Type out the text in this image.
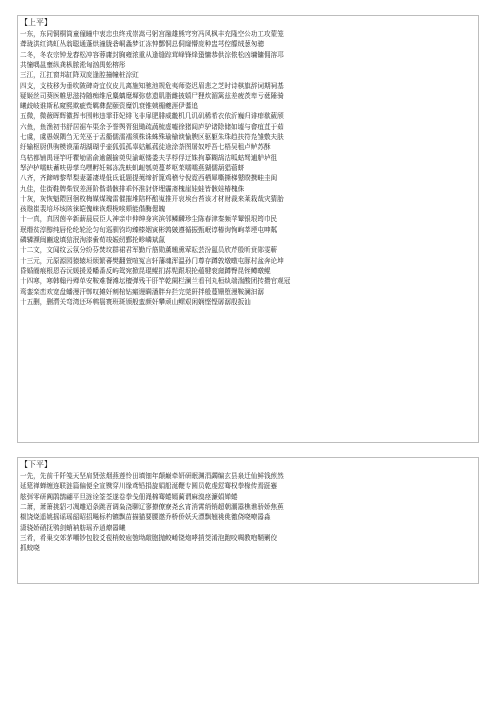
【上平】
一东，东同铜桐筒童僮瞳中衷忠虫终戎崇嵩弓躬宫融雄熊穹穷冯风枫丰充隆空公功工攻蒙笼
聋珑洪红鸿虹丛翁聪通蓬烘潼胧砻峒螽梦讧冻忡酆恫总侗窿懵庞种盅芎倥艨绒葱匆骢
二冬，冬农宗钟龙舂松冲容蓉庸封胸雍浓重从逢缝踪茸峰锋烽蛩慵恭供淙侬松凶墉镛佣溶邛
共憧喁邕壅纵龚枞脓淞匈汹禺蚣榕彤
三江，江扛窗邦缸降双庞逢腔撞幢桩淙豇
四支，支枝移为垂吹陂碑奇宜仪皮儿离施知驰池规危夷师姿迟眉悲之芝时诗棋旗辞词期祠基
疑姬丝司葵医帷思滋持随痴维卮麋螭麾墀弥慈遗肌脂雌披嬉尸狸炊湄篱兹差疲茨卑亏蕤陲骑
曦歧岐谁斯私窥熙欺疵赀羁彝髭颐资糜饥衰锥姨楣夔涯伊蓍追
五微，微薇晖辉徽挥韦围帏违霏菲妃绯飞非扉肥腓威畿机几讥矶稀希衣依沂巍归诽痱欷葳颀
六鱼，鱼渔初书舒居裾车渠余予誉舆胥狙锄疏蔬梳虚嘘徐猪闾庐驴诸除储如墟与畲疽苴于茹
七虞，虞愚娱隅刍无芜巫于盂衢儒濡襦须株诛蛛殊瑜榆谀愉腴区驱躯朱珠趋扶符凫雏敷夫肤
纡输枢厨俱驹模谟蒲胡湖瑚乎壶狐弧孤辜姑觚菰徒途涂荼图屠奴呼吾七梧吴租卢鲈苏酥
乌枯都铺禺诬竽吁瞿劬需俞逾觎揄萸臾渝岖镂娄夫孚桴俘迂姝拘摹糊鸪沽呱蛄驽逋舻垆徂
孥泸栌嚅蚨蓄呋毋孳乌嘿孵妊邾冻冼蚨虮衄瓠萸蔓芗呕茱嚅嚅燕猢儒葫猖蓿蛴
八齐，齐蹄啼黎犁梨妻萋凄堤低氐诋题提荑缔折篦鸡稽兮倪霓西栖犀嘶撕梯鼙睽携畦圭闺
九佳，佳街鞋牌柴钗差涯阶偕谐骸排乖怀淮豺侪埋霾斋槐崖娃蛙皆骸娃椿槐侏
十灰，灰恢魁隈回徊枚梅媒煤瑰雷催摧堆陪杯醅嵬推开哀埃台苔该才材财裁来莱栽哉灾猜胎
孩虺崔裴培坏垓陔徕皑傀崃诙煨桅唉颏能偕酶偲魄
十一真，真因茵辛新薪晨辰臣人神亲申伸绅身宾滨邻鳞麟珍尘陈春津秦频苹颦银垠筠巾民
珉缗贫淳醇纯唇伦纶轮沦匀旬巡驯钧均臻榛姻寅彬鹑皴遵循振甄岷谆椿询恂峋莘堙屯呻粼
磷辚濒闽豳逡填狺泯洵溱夤荀竣娠纫鄞抡畛嶙斌氤
十二文，文闻纹云氛分纷芬焚坟群裙君军勤斤筋勋薰曛熏荤耘芸汾氲员欣芹殷昕贲郧雯蕲
十三元，元原源园猿辕垣烦繁蕃樊翻萱喧冤言轩藩魂浑温孙门尊存蹲敦墩暾屯豚村盆奔论坤
昏婚阍痕根恩吞沅媛援爰幡番反屿鸳宛掀昆琨鲲扪荪髡跟垠抡蕴犍衮奫蹲臀昆铚鳟暾鲲
十四寒，寒韩翰丹殚单安鞍难餐滩坛檀弹残干肝竿乾阑栏澜兰看刊丸桓纨端湍酸团抟攒官观冠
鸾銮栾峦欢宽盘蟠漫汗郸叹摊奸剜棺钻瘢谩瞒潘胖弁拦完莞鼾拌般蔓姗堕漫鞍澜汩潺
十五删，删潸关弯湾还环鹌鬟寰班斑颁般蛮颜奸攀顽山鳏艰闲娴悭悭孱潺殷扳汕
【下平】
一先，先前千阡笺天坚肩贤弦烟燕莲怜田填钿年颠巅牵妍研眠渊涓蠲编玄县泉迁仙鲜钱煎然
延筵禅蝉缠连联涟篇偏便全宣镌穿川缘鸢铅捐旋娟船涎鞭专圆员乾虔愆骞权拳椽传焉跹蹇
舷弭零研阗鹃鹊翩平旦涟诠筌荃遂卷拳戋佃渑棉骞蜷嫣蔺谓麻溴痉濂娟婵蜷
二萧，萧箫挑貂刁凋雕迢条跳苕调枭浇聊辽寥撩僚寮尧幺宵消霄绡销超朝潮嚣樵谯骄娇焦蕉
椒饶烧遥姚摇谣瑶韶昭招飚标杓镳飘苗描猫要腰邀乔桥侨妖夭漂飘翘祧佻徼侥哓嘹嚣淼
潇骁娇硝抚鸮剑蛸衲舫瑶乔逍燎嚣曦
三肴，肴巢交郊茅嘲钞包胶爻苞梢蛟庖匏坳敲胞抛鲛崤铙炮哮捎茭淆泡跑咬啁教咆鞘剿佼
抓蛟哓
